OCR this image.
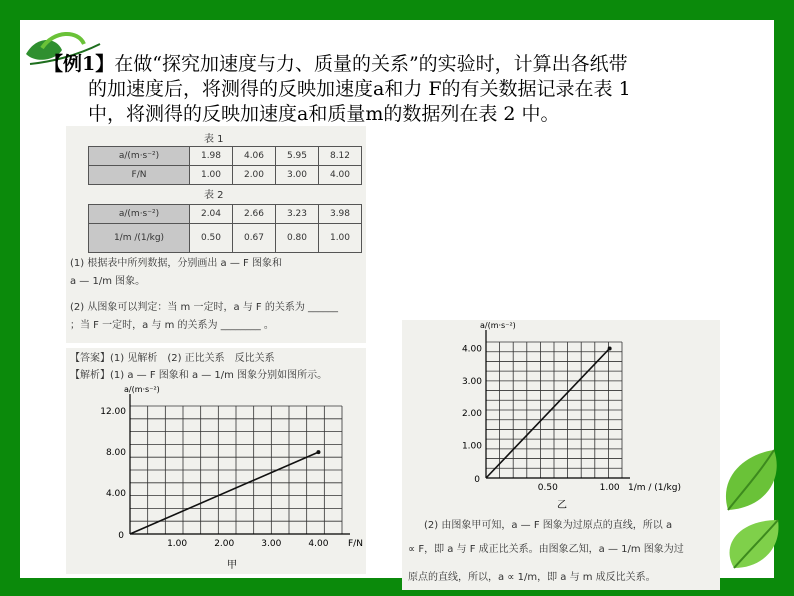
【例1】在做“探究加速度与力、质量的关系”的实验时，计算出各纸带

的加速度后，将测得的反映加速度a和力 F的有关数据记录在表 1

中，将测得的反映加速度a和质量m的数据列在表 2 中。

表 1
a/(m·s⁻²)	1.98	4.06	5.95	8.12
F/N	1.00	2.00	3.00	4.00
表 2
a/(m·s⁻²)	2.04	2.66	3.23	3.98
1/m /(1/kg)	0.50	0.67	0.80	1.00
(1) 根据表中所列数据，分别画出 a — F 图象和
a — 1/m 图象。
(2) 从图象可以判定：当 m 一定时，a 与 F 的关系为 ______
；当 F 一定时，a 与 m 的关系为 ________ 。
【答案】(1) 见解析　(2) 正比关系　反比关系
【解析】(1) a — F 图象和 a — 1/m 图象分别如图所示。
1.00	2.00	3.00	4.00
4.00
8.00
12.00
0
a/(m·s⁻²)
F/N
甲
0.50	1.00
1.00
2.00
3.00
4.00
0
a/(m·s⁻²)
1/m / (1/kg)
乙
(2) 由图象甲可知，a — F 图象为过原点的直线，所以 a
∝ F，即 a 与 F 成正比关系。由图象乙知，a — 1/m 图象为过
原点的直线，所以，a ∝ 1/m，即 a 与 m 成反比关系。
